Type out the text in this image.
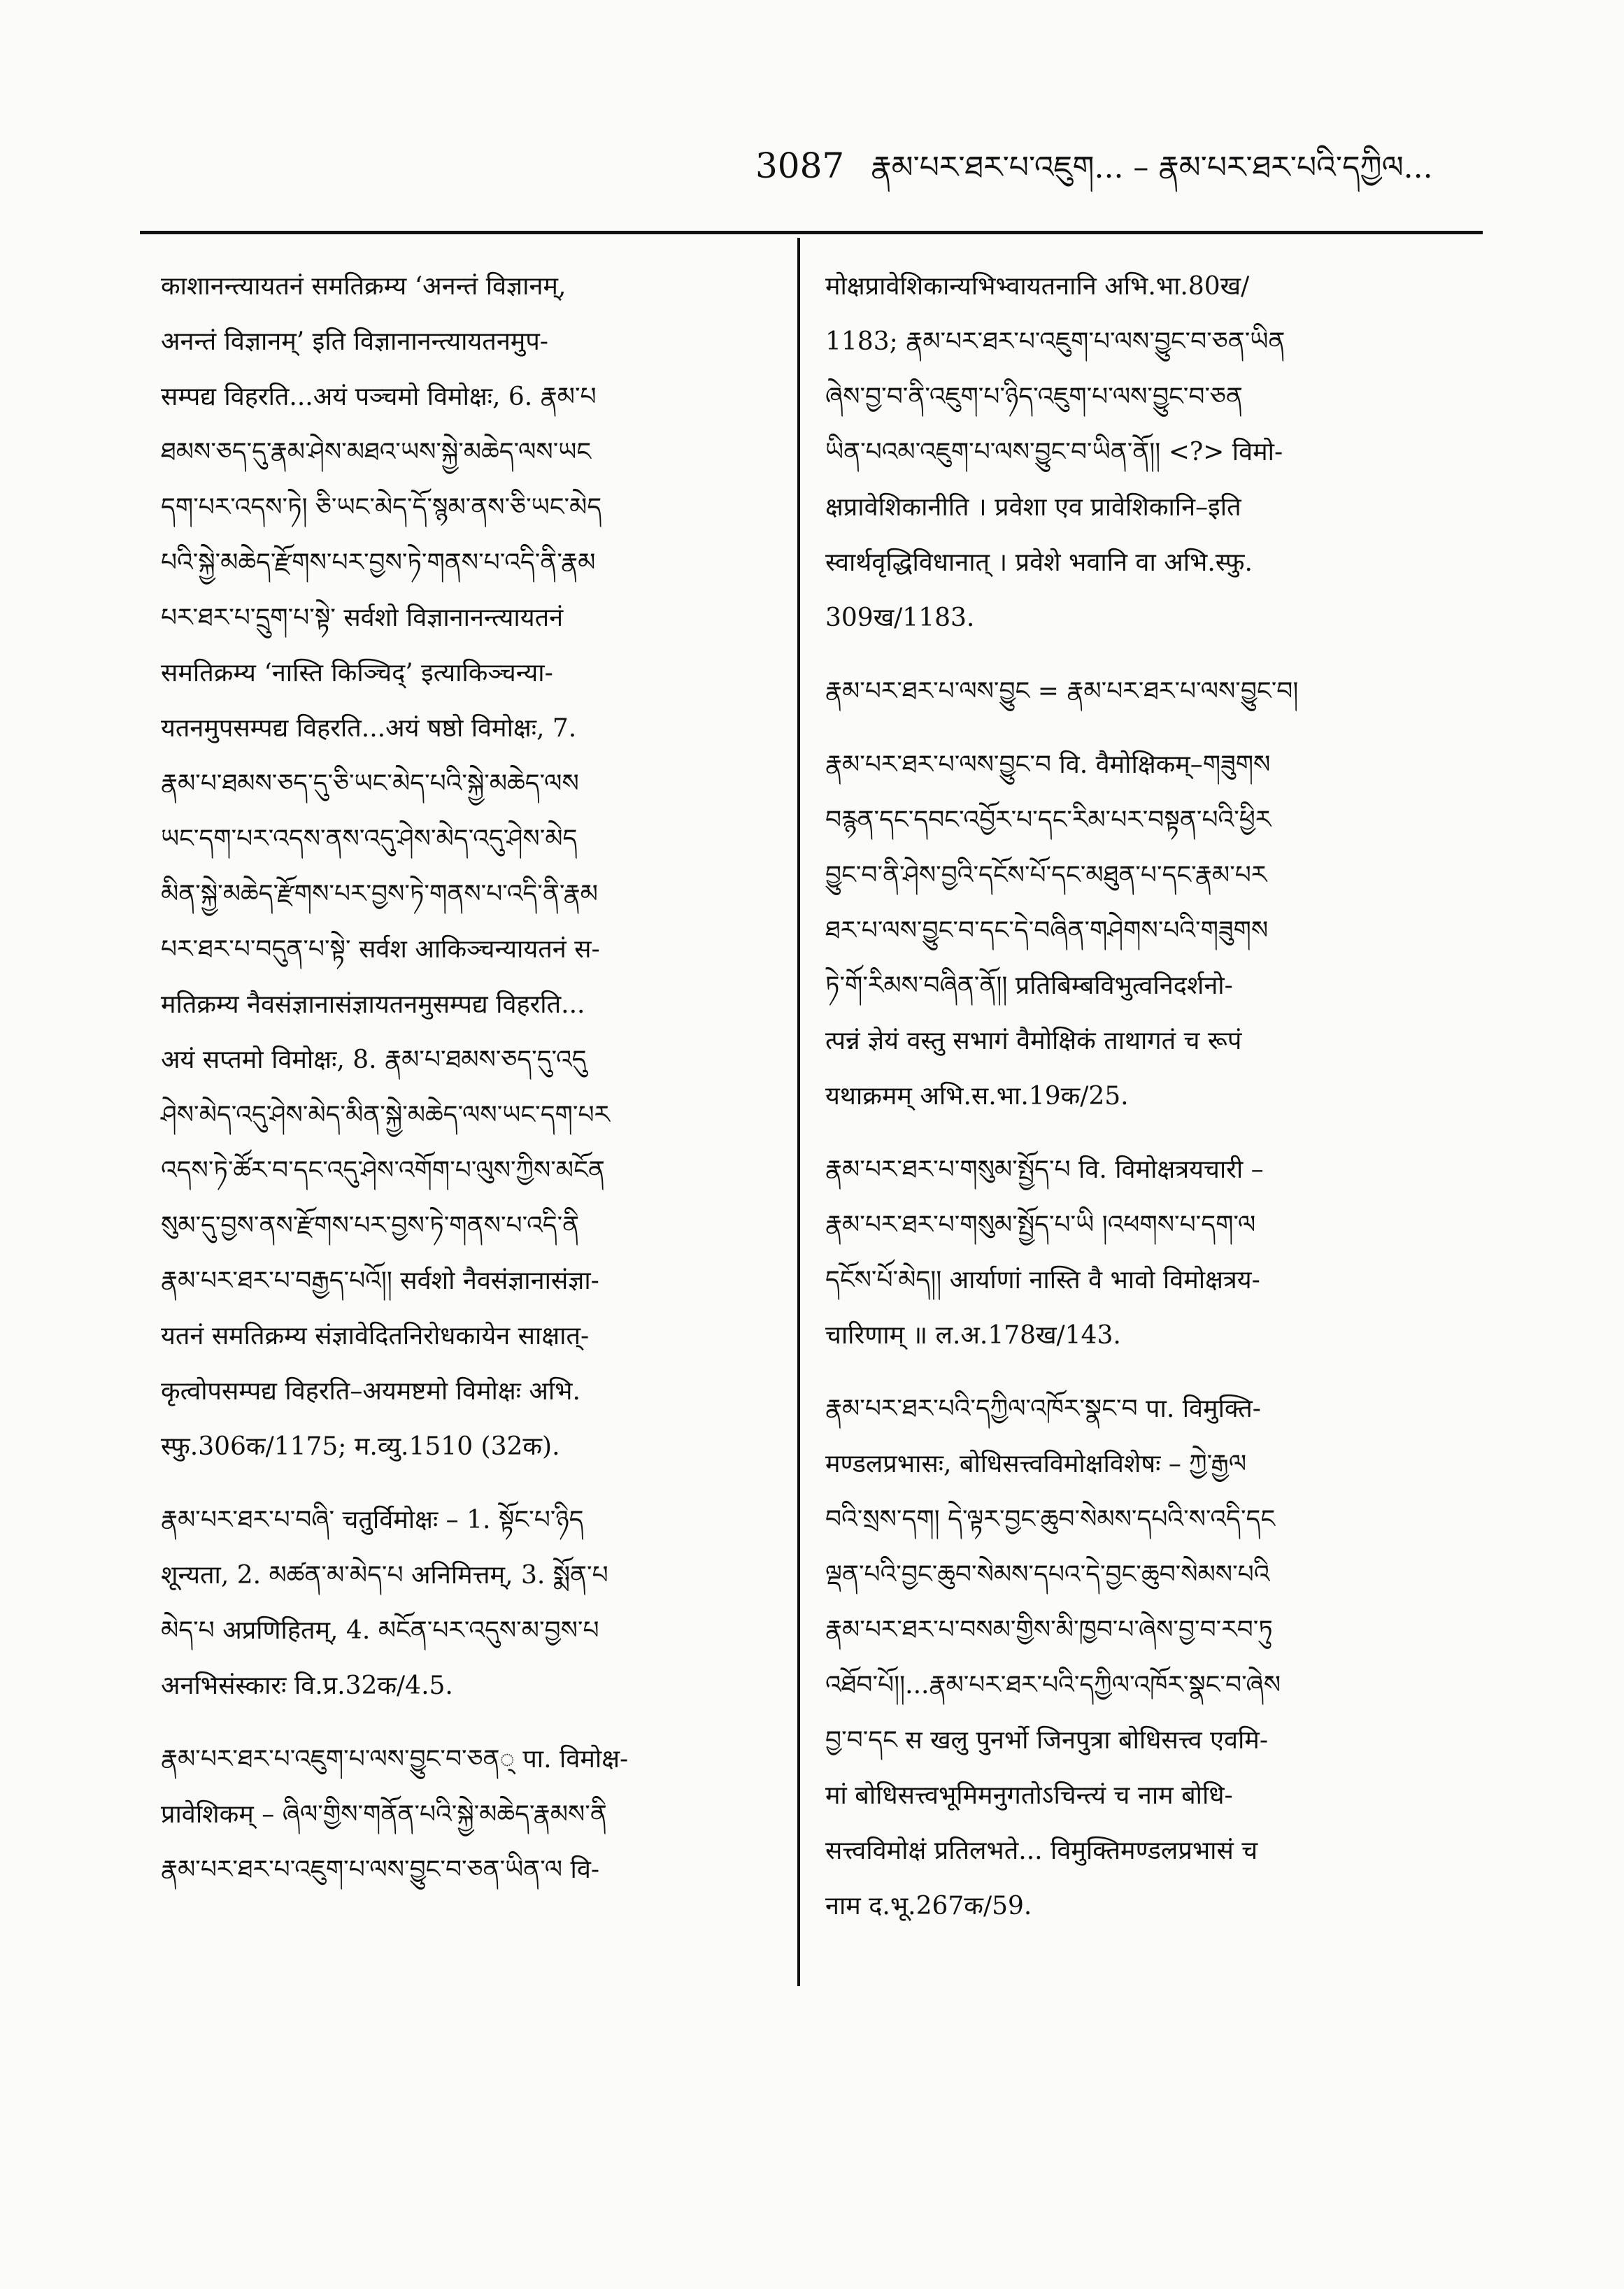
3087 རྣམ་པར་ཐར་པ་འཇུག... – རྣམ་པར་ཐར་པའི་དཀྱིལ...
काशानन्त्यायतनं समतिक्रम्य ‘अनन्तं विज्ञानम्,
अनन्तं विज्ञानम्’ इति विज्ञानानन्त्यायतनमुप-
सम्पद्य विहरति...अयं पञ्चमो विमोक्षः, 6. རྣམ་པ
ཐམས་ཅད་དུ་རྣམ་ཤེས་མཐའ་ཡས་སྐྱེ་མཆེད་ལས་ཡང
དག་པར་འདས་ཏེ། ཅི་ཡང་མེད་དོ་སྙམ་ནས་ཅི་ཡང་མེད
པའི་སྐྱེ་མཆེད་རྫོགས་པར་བྱས་ཏེ་གནས་པ་འདི་ནི་རྣམ
པར་ཐར་པ་དྲུག་པ་སྟེ་ सर्वशो विज्ञानानन्त्यायतनं
समतिक्रम्य ‘नास्ति किञ्चिद्’ इत्याकिञ्चन्या-
यतनमुपसम्पद्य विहरति...अयं षष्ठो विमोक्षः, 7.
རྣམ་པ་ཐམས་ཅད་དུ་ཅི་ཡང་མེད་པའི་སྐྱེ་མཆེད་ལས
ཡང་དག་པར་འདས་ནས་འདུ་ཤེས་མེད་འདུ་ཤེས་མེད
མིན་སྐྱེ་མཆེད་རྫོགས་པར་བྱས་ཏེ་གནས་པ་འདི་ནི་རྣམ
པར་ཐར་པ་བདུན་པ་སྟེ་ सर्वश आकिञ्चन्यायतनं स-
मतिक्रम्य नैवसंज्ञानासंज्ञायतनमुसम्पद्य विहरति...
अयं सप्तमो विमोक्षः, 8. རྣམ་པ་ཐམས་ཅད་དུ་འདུ
ཤེས་མེད་འདུ་ཤེས་མེད་མིན་སྐྱེ་མཆེད་ལས་ཡང་དག་པར
འདས་ཏེ་ཚོར་བ་དང་འདུ་ཤེས་འགོག་པ་ལུས་ཀྱིས་མངོན
སུམ་དུ་བྱས་ནས་རྫོགས་པར་བྱས་ཏེ་གནས་པ་འདི་ནི
རྣམ་པར་ཐར་པ་བརྒྱད་པའོ།། सर्वशो नैवसंज्ञानासंज्ञा-
यतनं समतिक्रम्य संज्ञावेदितनिरोधकायेन साक्षात्-
कृत्वोपसम्पद्य विहरति–अयमष्टमो विमोक्षः अभि.
स्फु.306क/1175; म.व्यु.1510 (32क).
རྣམ་པར་ཐར་པ་བཞི་ चतुर्विमोक्षः – 1. སྟོང་པ་ཉིད
शून्यता, 2. མཚན་མ་མེད་པ अनिमित्तम्, 3. སྨོན་པ
མེད་པ अप्रणिहितम्, 4. མངོན་པར་འདུས་མ་བྱས་པ
अनभिसंस्कारः वि.प्र.32क/4.5.
རྣམ་པར་ཐར་པ་འཇུག་པ་ལས་བྱུང་བ་ཅན् पा. विमोक्ष-
प्रावेशिकम् – ཞིལ་གྱིས་གནོན་པའི་སྐྱེ་མཆེད་རྣམས་ནི
རྣམ་པར་ཐར་པ་འཇུག་པ་ལས་བྱུང་བ་ཅན་ཡིན་ལ वि-
मोक्षप्रावेशिकान्यभिभ्वायतनानि अभि.भा.80ख/
1183; རྣམ་པར་ཐར་པ་འཇུག་པ་ལས་བྱུང་བ་ཅན་ཡིན
ཞེས་བྱ་བ་ནི་འཇུག་པ་ཉིད་འཇུག་པ་ལས་བྱུང་བ་ཅན
ཡིན་པའམ་འཇུག་པ་ལས་བྱུང་བ་ཡིན་ནོ།། <?> विमो-
क्षप्रावेशिकानीति । प्रवेशा एव प्रावेशिकानि–इति
स्वार्थवृद्धिविधानात् । प्रवेशे भवानि वा अभि.स्फु.
309ख/1183.
རྣམ་པར་ཐར་པ་ལས་བྱུང = རྣམ་པར་ཐར་པ་ལས་བྱུང་བ།
རྣམ་པར་ཐར་པ་ལས་བྱུང་བ वि. वैमोक्षिकम्–གཟུགས
བརྙན་དང་དབང་འབྱོར་པ་དང་རིམ་པར་བསྟན་པའི་ཕྱིར
བྱུང་བ་ནི་ཤེས་བྱའི་དངོས་པོ་དང་མཐུན་པ་དང་རྣམ་པར
ཐར་པ་ལས་བྱུང་བ་དང་དེ་བཞིན་གཤེགས་པའི་གཟུགས
ཏེ་གོ་རིམས་བཞིན་ནོ།། प्रतिबिम्बविभुत्वनिदर्शनो-
त्पन्नं ज्ञेयं वस्तु सभागं वैमोक्षिकं ताथागतं च रूपं
यथाक्रमम् अभि.स.भा.19क/25.
རྣམ་པར་ཐར་པ་གསུམ་སྤྱོད་པ वि. विमोक्षत्रयचारी –
རྣམ་པར་ཐར་པ་གསུམ་སྤྱོད་པ་ཡི །འཕགས་པ་དག་ལ
དངོས་པོ་མེད།། आर्याणां नास्ति वै भावो विमोक्षत्रय-
चारिणाम् ॥ ल.अ.178ख/143.
རྣམ་པར་ཐར་པའི་དཀྱིལ་འཁོར་སྣང་བ पा. विमुक्ति-
मण्डलप्रभासः, बोधिसत्त्वविमोक्षविशेषः – ཀྱེ་རྒྱལ
བའི་སྲས་དག། དེ་ལྟར་བྱང་ཆུབ་སེམས་དཔའི་ས་འདི་དང
ལྡན་པའི་བྱང་ཆུབ་སེམས་དཔའ་དེ་བྱང་ཆུབ་སེམས་པའི
རྣམ་པར་ཐར་པ་བསམ་གྱིས་མི་ཁྱབ་པ་ཞེས་བྱ་བ་རབ་ཏུ
འཐོབ་པོ།།...རྣམ་པར་ཐར་པའི་དཀྱིལ་འཁོར་སྣང་བ་ཞེས
བྱ་བ་དང स खलु पुनर्भो जिनपुत्रा बोधिसत्त्व एवमि-
मां बोधिसत्त्वभूमिमनुगतोऽचिन्त्यं च नाम बोधि-
सत्त्वविमोक्षं प्रतिलभते... विमुक्तिमण्डलप्रभासं च
नाम द.भू.267क/59.
